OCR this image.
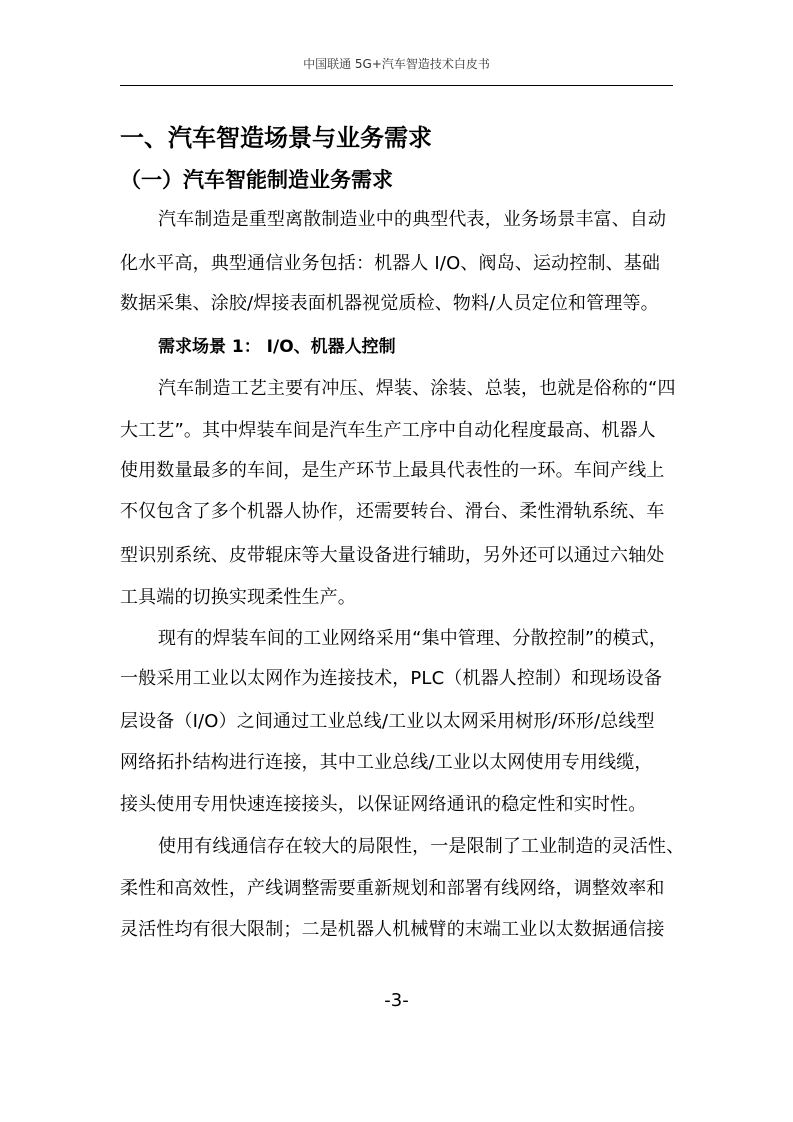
中国联通 5G+汽车智造技术白皮书
一、汽车智造场景与业务需求
（一）汽车智能制造业务需求
汽车制造是重型离散制造业中的典型代表，业务场景丰富、自动
化水平高，典型通信业务包括：机器人 I/O、阀岛、运动控制、基础
数据采集、涂胶/焊接表面机器视觉质检、物料/人员定位和管理等。
需求场景 1： I/O、机器人控制
汽车制造工艺主要有冲压、焊装、涂装、总装，也就是俗称的“四
大工艺”。其中焊装车间是汽车生产工序中自动化程度最高、机器人
使用数量最多的车间，是生产环节上最具代表性的一环。车间产线上
不仅包含了多个机器人协作，还需要转台、滑台、柔性滑轨系统、车
型识别系统、皮带辊床等大量设备进行辅助，另外还可以通过六轴处
工具端的切换实现柔性生产。
现有的焊装车间的工业网络采用“集中管理、分散控制”的模式，
一般采用工业以太网作为连接技术，PLC（机器人控制）和现场设备
层设备（I/O）之间通过工业总线/工业以太网采用树形/环形/总线型
网络拓扑结构进行连接，其中工业总线/工业以太网使用专用线缆，
接头使用专用快速连接接头，以保证网络通讯的稳定性和实时性。
使用有线通信存在较大的局限性，一是限制了工业制造的灵活性、
柔性和高效性，产线调整需要重新规划和部署有线网络，调整效率和
灵活性均有很大限制；二是机器人机械臂的末端工业以太数据通信接
-3-
